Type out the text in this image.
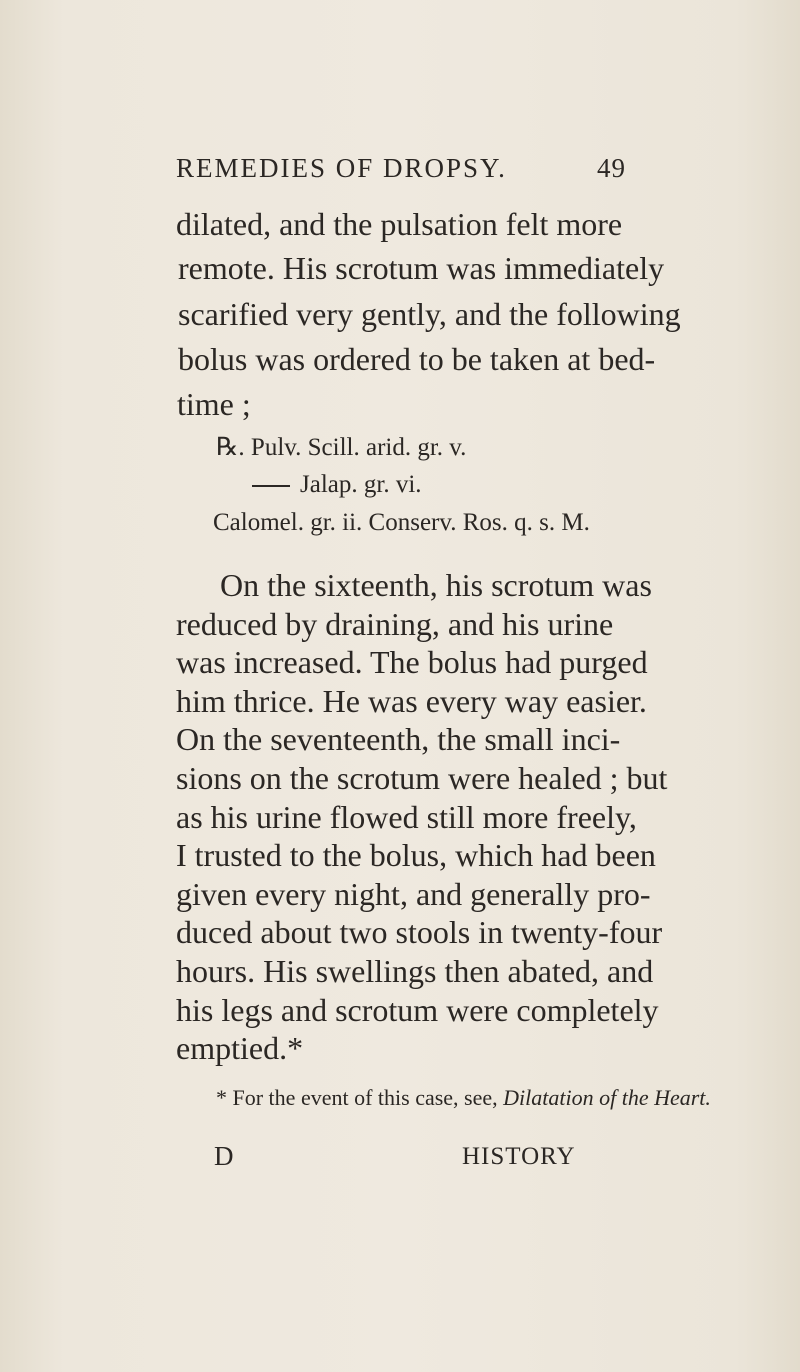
REMEDIES OF DROPSY.	49
dilated, and the pulsation felt more
remote. His scrotum was immediately
scarified very gently, and the following
bolus was ordered to be taken at bed-
time ;
℞. Pulv. Scill. arid. gr. v.
Jalap. gr. vi.
Calomel. gr. ii. Conserv. Ros. q. s. M.
On the sixteenth, his scrotum was
reduced by draining, and his urine
was increased. The bolus had purged
him thrice. He was every way easier.
On the seventeenth, the small inci-
sions on the scrotum were healed ; but
as his urine flowed still more freely,
I trusted to the bolus, which had been
given every night, and generally pro-
duced about two stools in twenty-four
hours. His swellings then abated, and
his legs and scrotum were completely
emptied.*
* For the event of this case, see, Dilatation of the Heart.
D	HISTORY
